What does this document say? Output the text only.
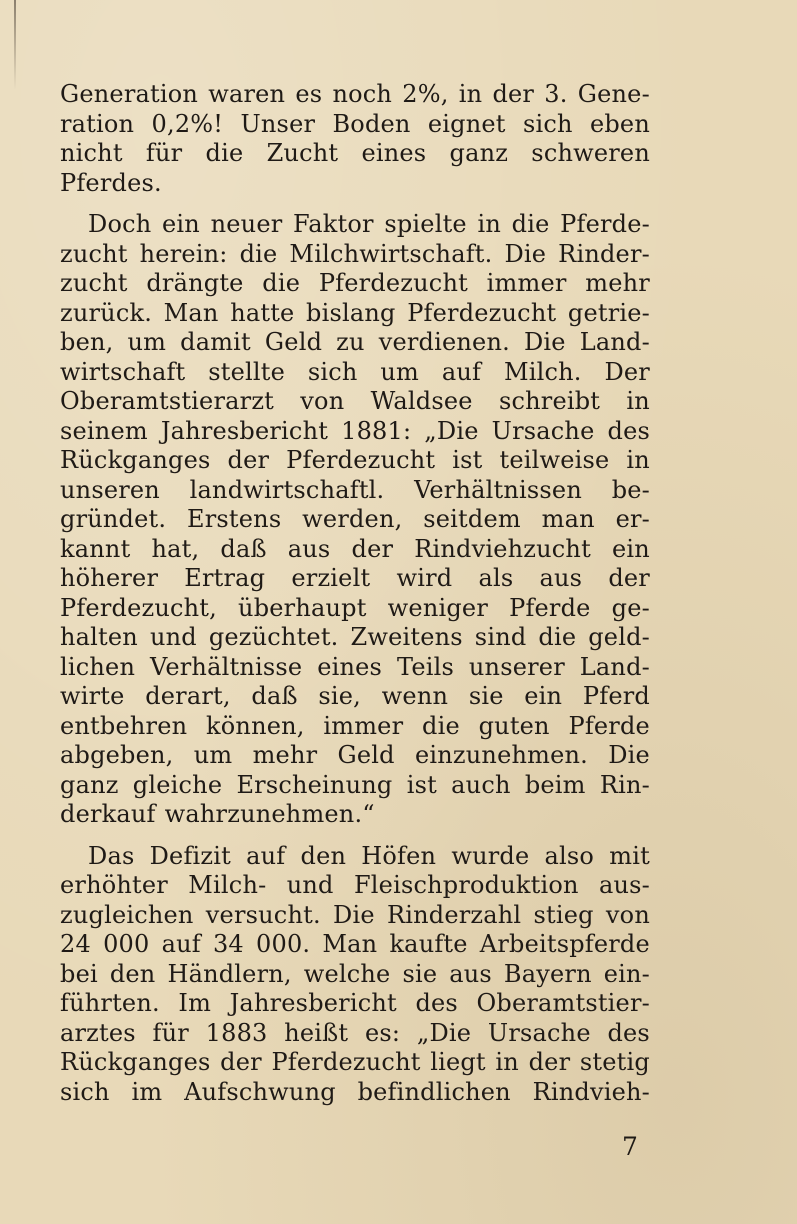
Generation waren es noch 2%, in der 3. Gene-
ration 0,2%! Unser Boden eignet sich eben
nicht für die Zucht eines ganz schweren
Pferdes.
Doch ein neuer Faktor spielte in die Pferde-
zucht herein: die Milchwirtschaft. Die Rinder-
zucht drängte die Pferdezucht immer mehr
zurück. Man hatte bislang Pferdezucht getrie-
ben, um damit Geld zu verdienen. Die Land-
wirtschaft stellte sich um auf Milch. Der
Oberamtstierarzt von Waldsee schreibt in
seinem Jahresbericht 1881: „Die Ursache des
Rückganges der Pferdezucht ist teilweise in
unseren landwirtschaftl. Verhältnissen be-
gründet. Erstens werden, seitdem man er-
kannt hat, daß aus der Rindviehzucht ein
höherer Ertrag erzielt wird als aus der
Pferdezucht, überhaupt weniger Pferde ge-
halten und gezüchtet. Zweitens sind die geld-
lichen Verhältnisse eines Teils unserer Land-
wirte derart, daß sie, wenn sie ein Pferd
entbehren können, immer die guten Pferde
abgeben, um mehr Geld einzunehmen. Die
ganz gleiche Erscheinung ist auch beim Rin-
derkauf wahrzunehmen.“
Das Defizit auf den Höfen wurde also mit
erhöhter Milch- und Fleischproduktion aus-
zugleichen versucht. Die Rinderzahl stieg von
24 000 auf 34 000. Man kaufte Arbeitspferde
bei den Händlern, welche sie aus Bayern ein-
führten. Im Jahresbericht des Oberamtstier-
arztes für 1883 heißt es: „Die Ursache des
Rückganges der Pferdezucht liegt in der stetig
sich im Aufschwung befindlichen Rindvieh-
7
